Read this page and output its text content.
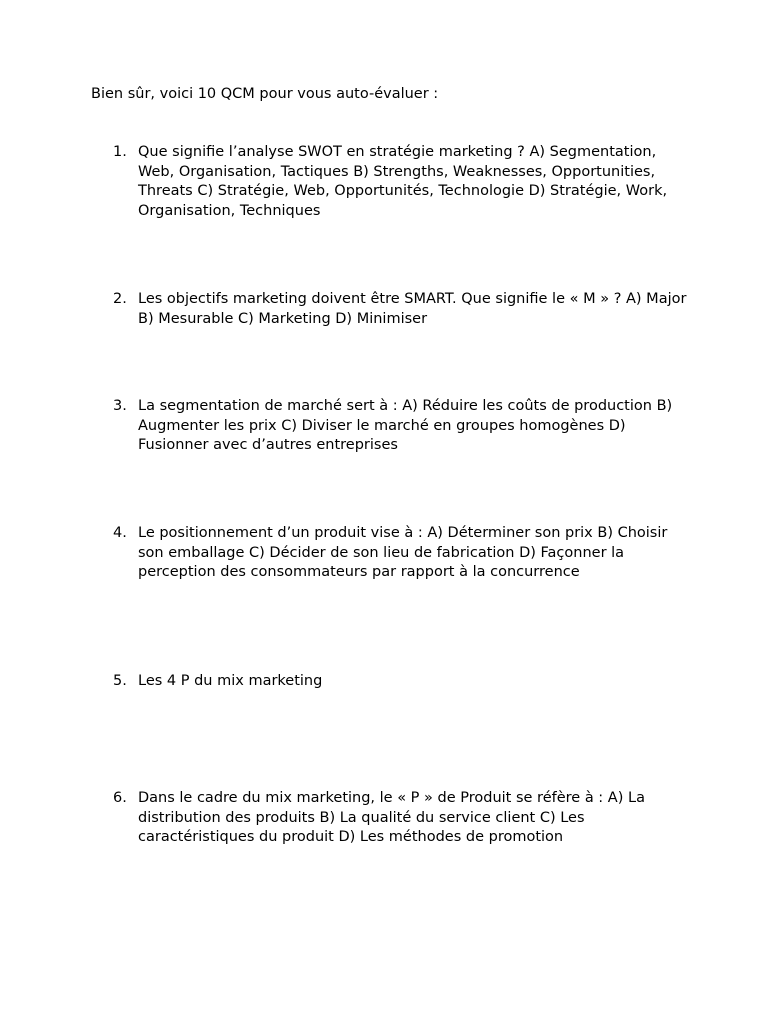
Bien sûr, voici 10 QCM pour vous auto-évaluer :

1. Que signifie l’analyse SWOT en stratégie marketing ? A) Segmentation, Web, Organisation, Tactiques B) Strengths, Weaknesses, Opportunities, Threats C) Stratégie, Web, Opportunités, Technologie D) Stratégie, Work, Organisation, Techniques
2. Les objectifs marketing doivent être SMART. Que signifie le « M » ? A) Major B) Mesurable C) Marketing D) Minimiser
3. La segmentation de marché sert à : A) Réduire les coûts de production B) Augmenter les prix C) Diviser le marché en groupes homogènes D) Fusionner avec d’autres entreprises
4. Le positionnement d’un produit vise à : A) Déterminer son prix B) Choisir son emballage C) Décider de son lieu de fabrication D) Façonner la perception des consommateurs par rapport à la concurrence
5. Les 4 P du mix marketing
6. Dans le cadre du mix marketing, le « P » de Produit se réfère à : A) La distribution des produits B) La qualité du service client C) Les caractéristiques du produit D) Les méthodes de promotion
